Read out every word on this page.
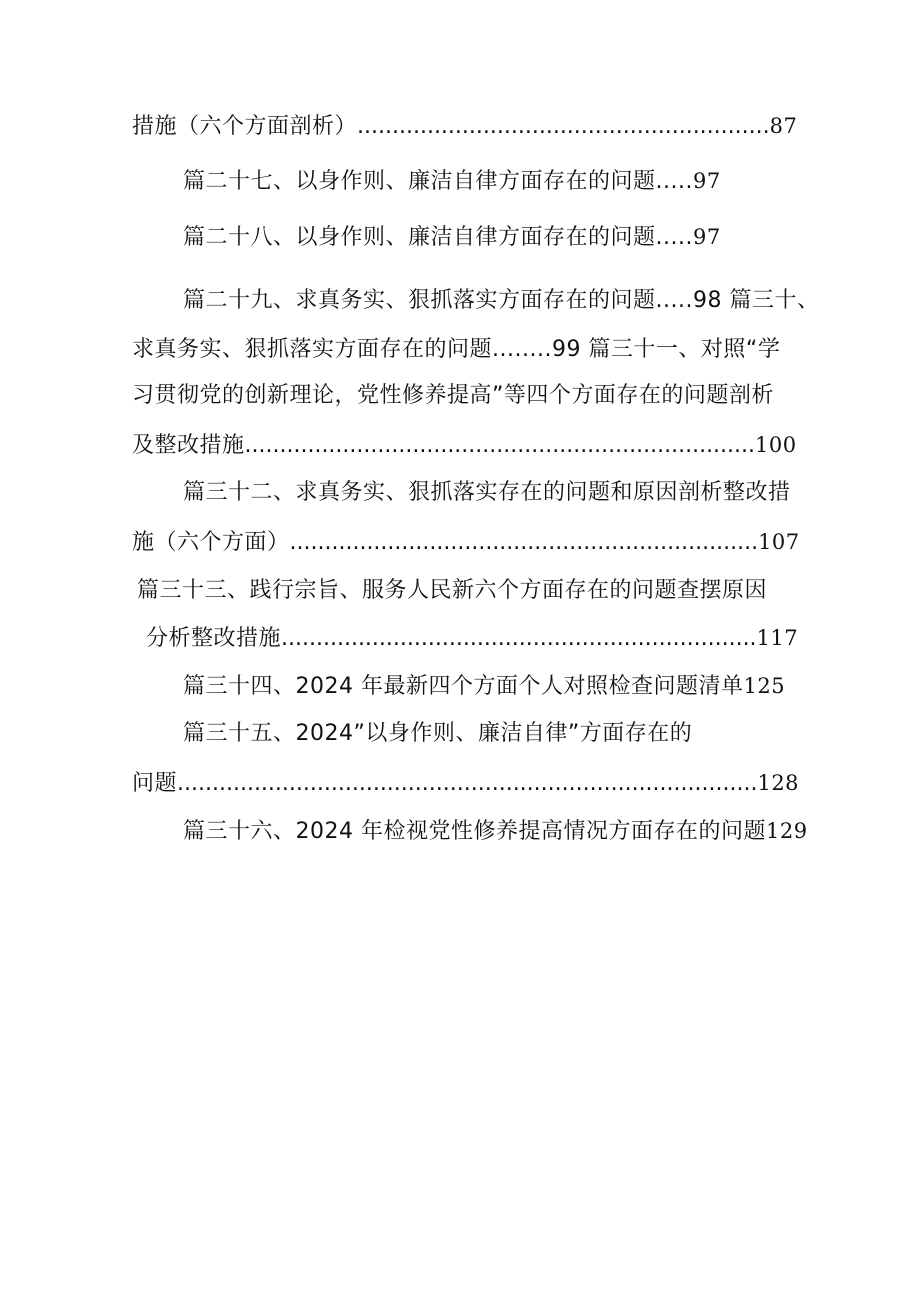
措施（六个方面剖析）...........................................................87
篇二十七、以身作则、廉洁自律方面存在的问题.....97
篇二十八、以身作则、廉洁自律方面存在的问题.....97
篇二十九、求真务实、狠抓落实方面存在的问题.....98 篇三十、
求真务实、狠抓落实方面存在的问题........99 篇三十一、对照“学
习贯彻党的创新理论，党性修养提高”等四个方面存在的问题剖析
及整改措施.........................................................................100
篇三十二、求真务实、狠抓落实存在的问题和原因剖析整改措
施（六个方面）...................................................................107
篇三十三、践行宗旨、服务人民新六个方面存在的问题查摆原因
分析整改措施....................................................................117
篇三十四、2024 年最新四个方面个人对照检查问题清单125
篇三十五、2024”以身作则、廉洁自律”方面存在的
问题...................................................................................128
篇三十六、2024 年检视党性修养提高情况方面存在的问题129
